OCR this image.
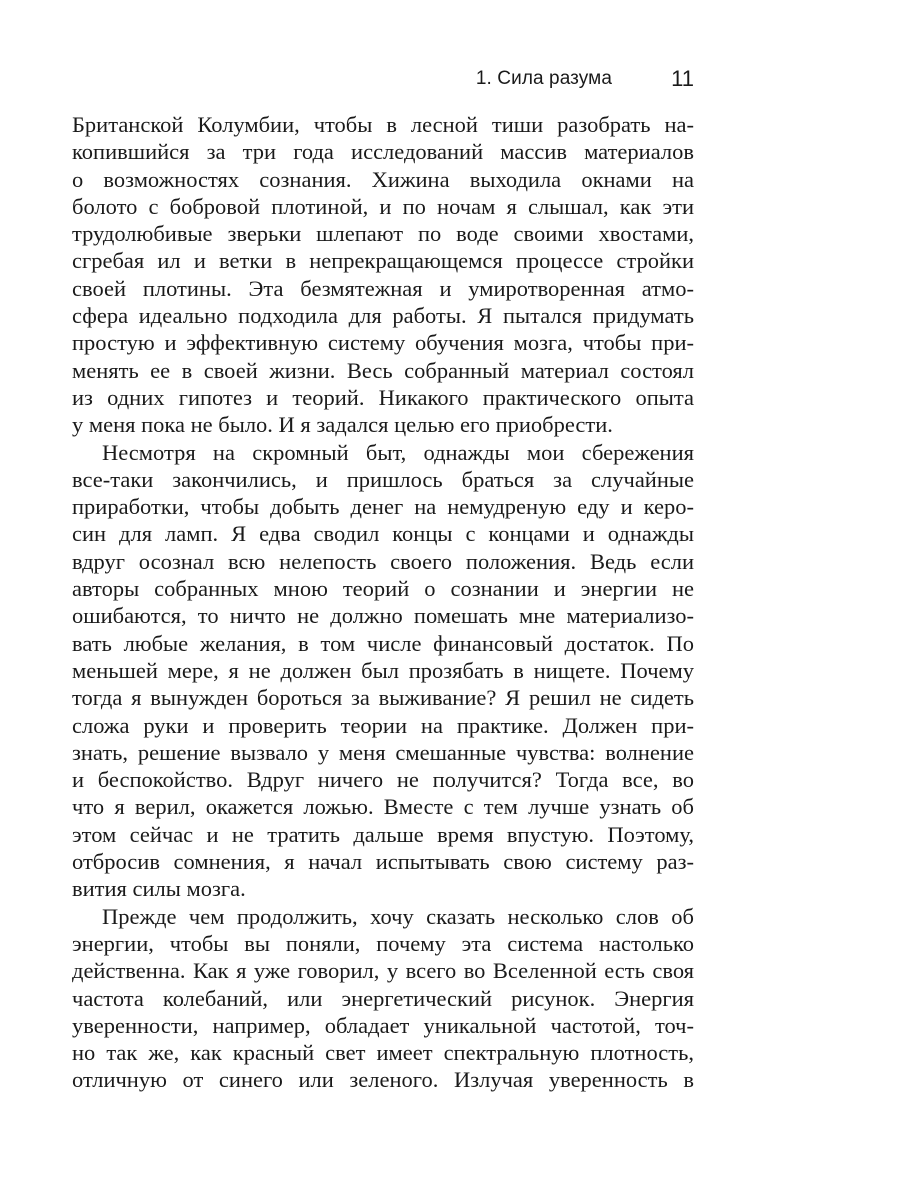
1. Сила разума	11
Британской Колумбии, чтобы в лесной тиши разобрать на-
копившийся за три года исследований массив материалов
о возможностях сознания. Хижина выходила окнами на
болото с бобровой плотиной, и по ночам я слышал, как эти
трудолюбивые зверьки шлепают по воде своими хвостами,
сгребая ил и ветки в непрекращающемся процессе стройки
своей плотины. Эта безмятежная и умиротворенная атмо-
сфера идеально подходила для работы. Я пытался придумать
простую и эффективную систему обучения мозга, чтобы при-
менять ее в своей жизни. Весь собранный материал состоял
из одних гипотез и теорий. Никакого практического опыта
у меня пока не было. И я задался целью его приобрести.
Несмотря на скромный быт, однажды мои сбережения
все-таки закончились, и пришлось браться за случайные
приработки, чтобы добыть денег на немудреную еду и керо-
син для ламп. Я едва сводил концы с концами и однажды
вдруг осознал всю нелепость своего положения. Ведь если
авторы собранных мною теорий о сознании и энергии не
ошибаются, то ничто не должно помешать мне материализо-
вать любые желания, в том числе финансовый достаток. По
меньшей мере, я не должен был прозябать в нищете. Почему
тогда я вынужден бороться за выживание? Я решил не сидеть
сложа руки и проверить теории на практике. Должен при-
знать, решение вызвало у меня смешанные чувства: волнение
и беспокойство. Вдруг ничего не получится? Тогда все, во
что я верил, окажется ложью. Вместе с тем лучше узнать об
этом сейчас и не тратить дальше время впустую. Поэтому,
отбросив сомнения, я начал испытывать свою систему раз-
вития силы мозга.
Прежде чем продолжить, хочу сказать несколько слов об
энергии, чтобы вы поняли, почему эта система настолько
действенна. Как я уже говорил, у всего во Вселенной есть своя
частота колебаний, или энергетический рисунок. Энергия
уверенности, например, обладает уникальной частотой, точ-
но так же, как красный свет имеет спектральную плотность,
отличную от синего или зеленого. Излучая уверенность в
